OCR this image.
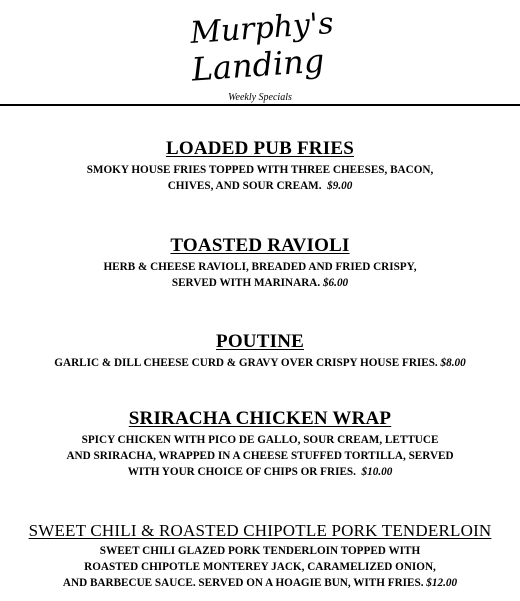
Murphy's
Landing
Weekly Specials
LOADED PUB FRIES
SMOKY HOUSE FRIES TOPPED WITH THREE CHEESES, BACON,
CHIVES, AND SOUR CREAM. $9.00
TOASTED RAVIOLI
HERB & CHEESE RAVIOLI, BREADED AND FRIED CRISPY,
SERVED WITH MARINARA. $6.00
POUTINE
GARLIC & DILL CHEESE CURD & GRAVY OVER CRISPY HOUSE FRIES. $8.00
SRIRACHA CHICKEN WRAP
SPICY CHICKEN WITH PICO DE GALLO, SOUR CREAM, LETTUCE
AND SRIRACHA, WRAPPED IN A CHEESE STUFFED TORTILLA, SERVED
WITH YOUR CHOICE OF CHIPS OR FRIES. $10.00
SWEET CHILI & ROASTED CHIPOTLE PORK TENDERLOIN
SWEET CHILI GLAZED PORK TENDERLOIN TOPPED WITH
ROASTED CHIPOTLE MONTEREY JACK, CARAMELIZED ONION,
AND BARBECUE SAUCE. SERVED ON A HOAGIE BUN, WITH FRIES. $12.00
